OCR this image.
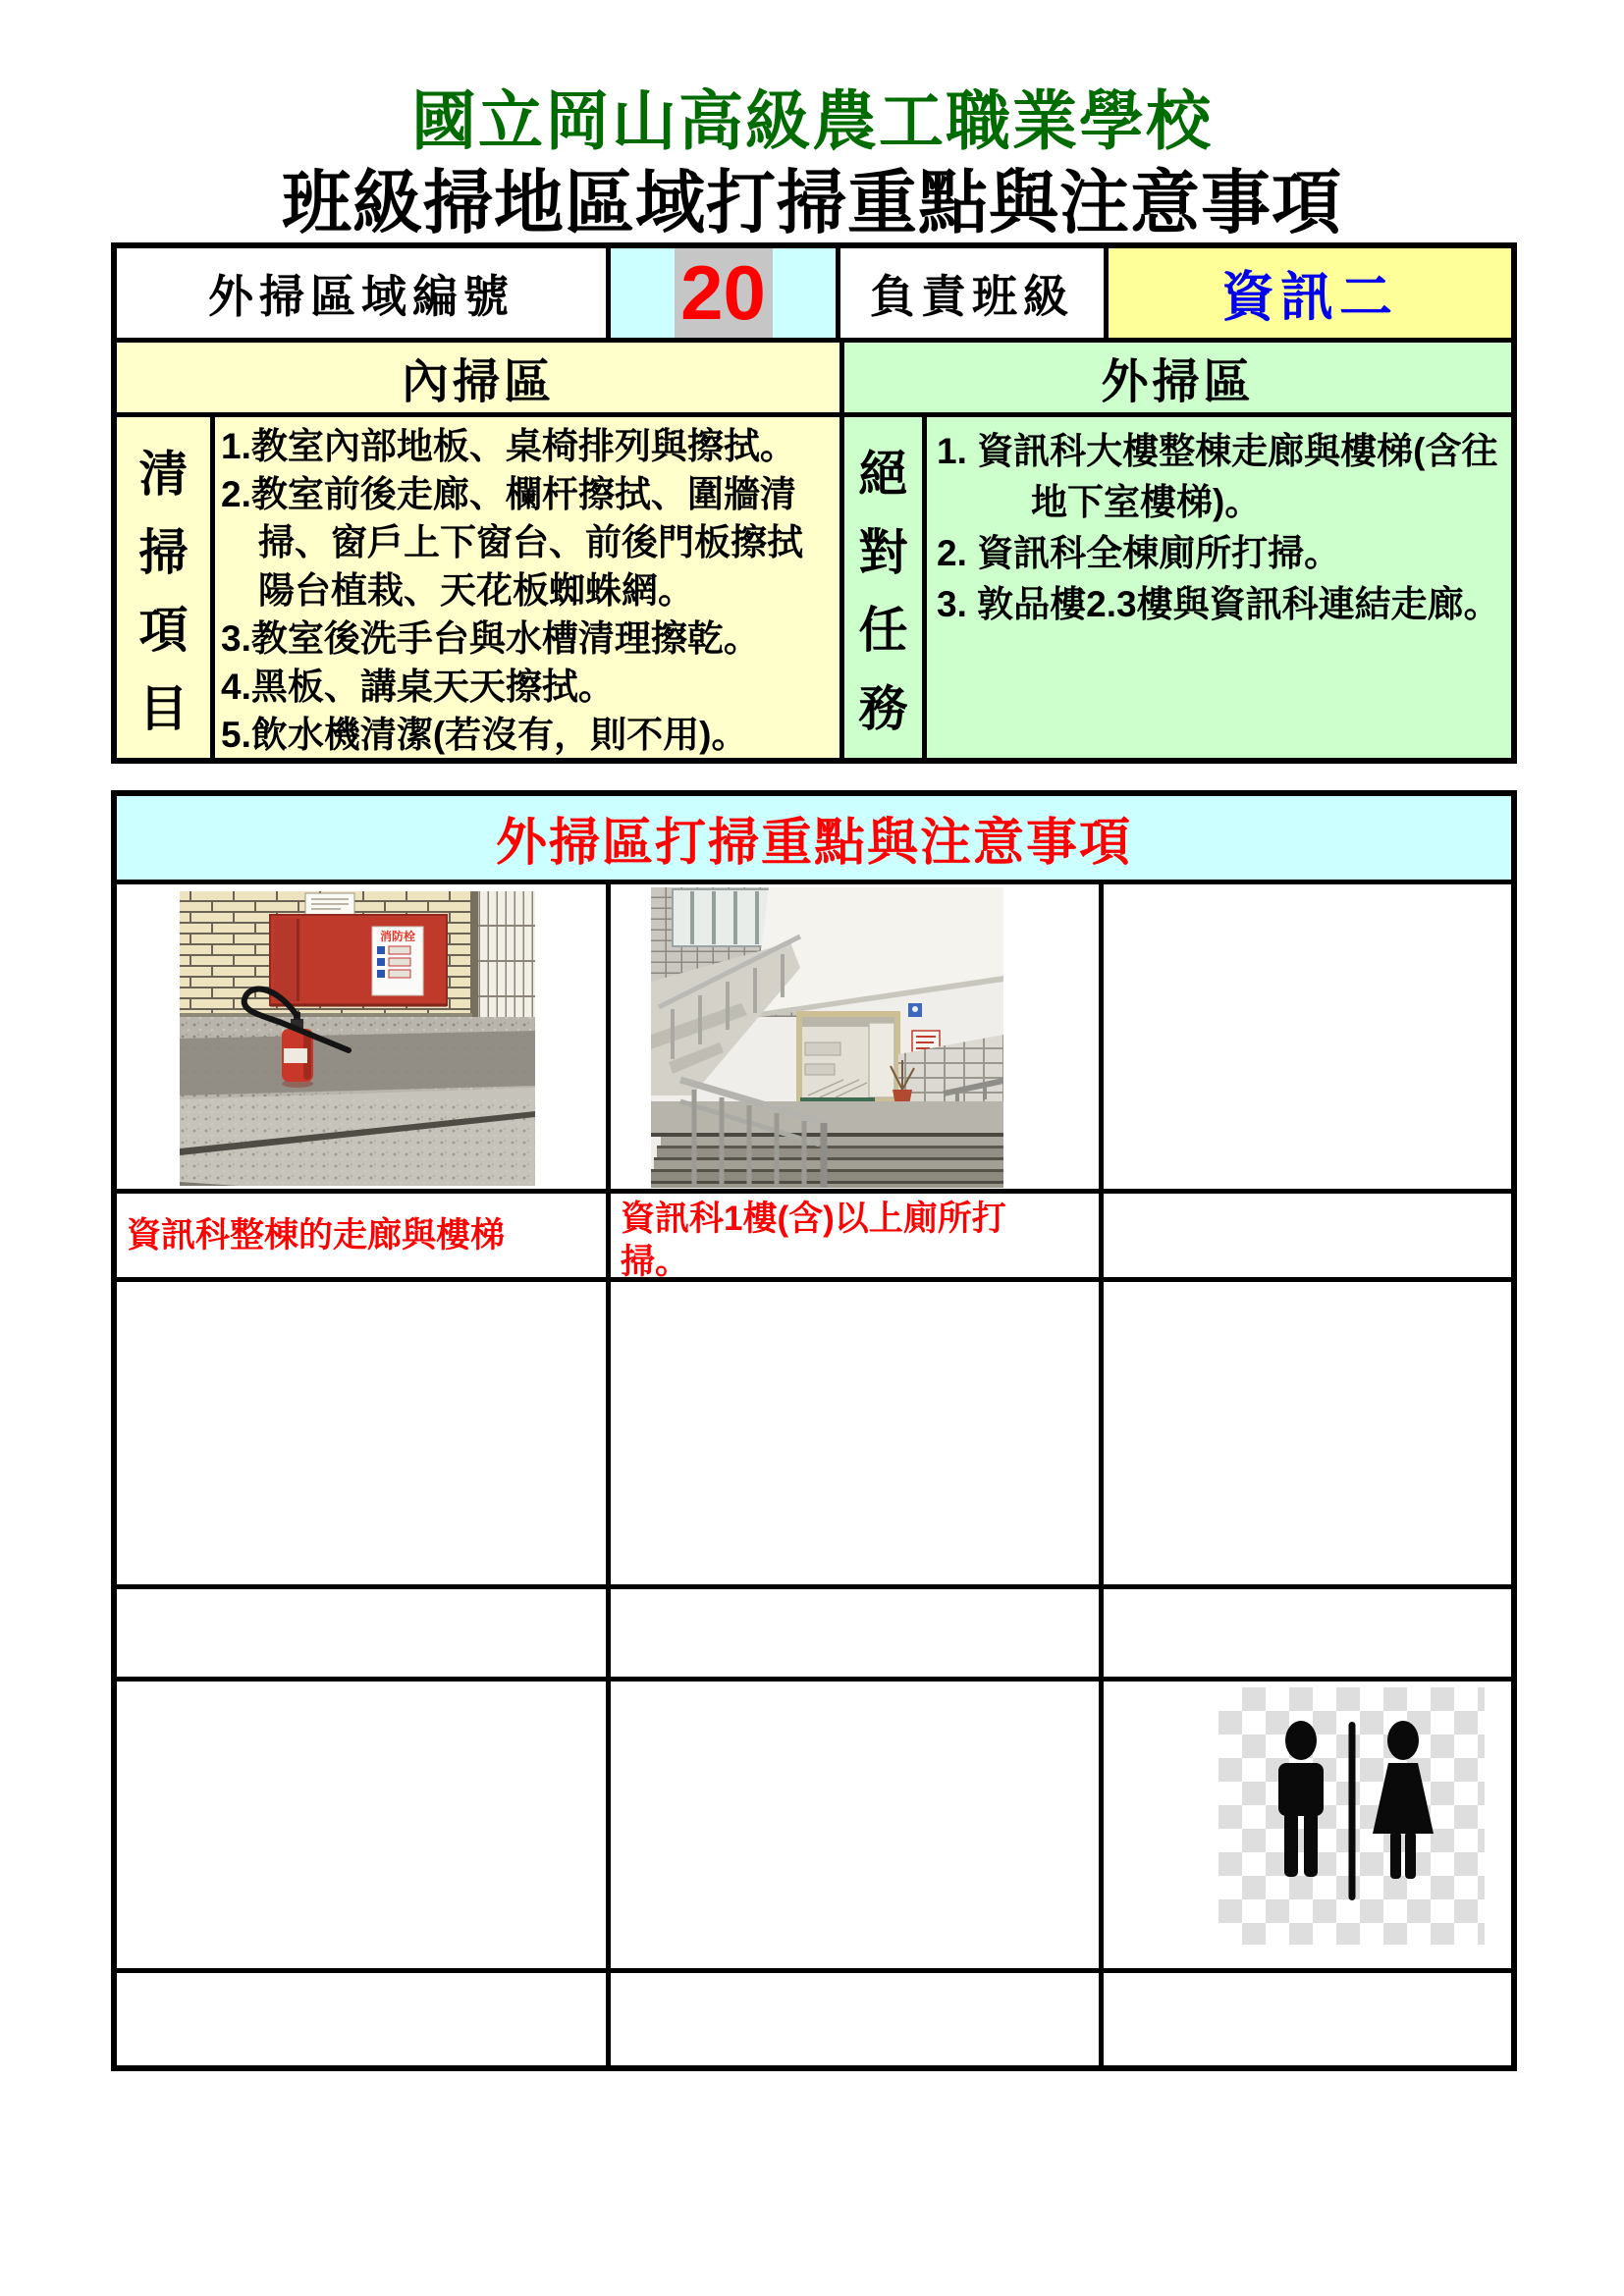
國立岡山高級農工職業學校
班級掃地區域打掃重點與注意事項
外掃區域編號 20 負責班級	資訊二
內掃區	外掃區
清
掃
項
目
1.教室內部地板、桌椅排列與擦拭。
2.教室前後走廊、欄杆擦拭、圍牆清
掃、窗戶上下窗台、前後門板擦拭
陽台植栽、天花板蜘蛛網。
3.教室後洗手台與水槽清理擦乾。
4.黑板、講桌天天擦拭。
5.飲水機清潔(若沒有，則不用)。
絕
對
任
務
1. 資訊科大樓整棟走廊與樓梯(含往
地下室樓梯)。
2. 資訊科全棟廁所打掃。
3. 敦品樓2.3樓與資訊科連結走廊。
外掃區打掃重點與注意事項
消防栓
資訊科整棟的走廊與樓梯	資訊科1樓(含)以上廁所打
掃。
